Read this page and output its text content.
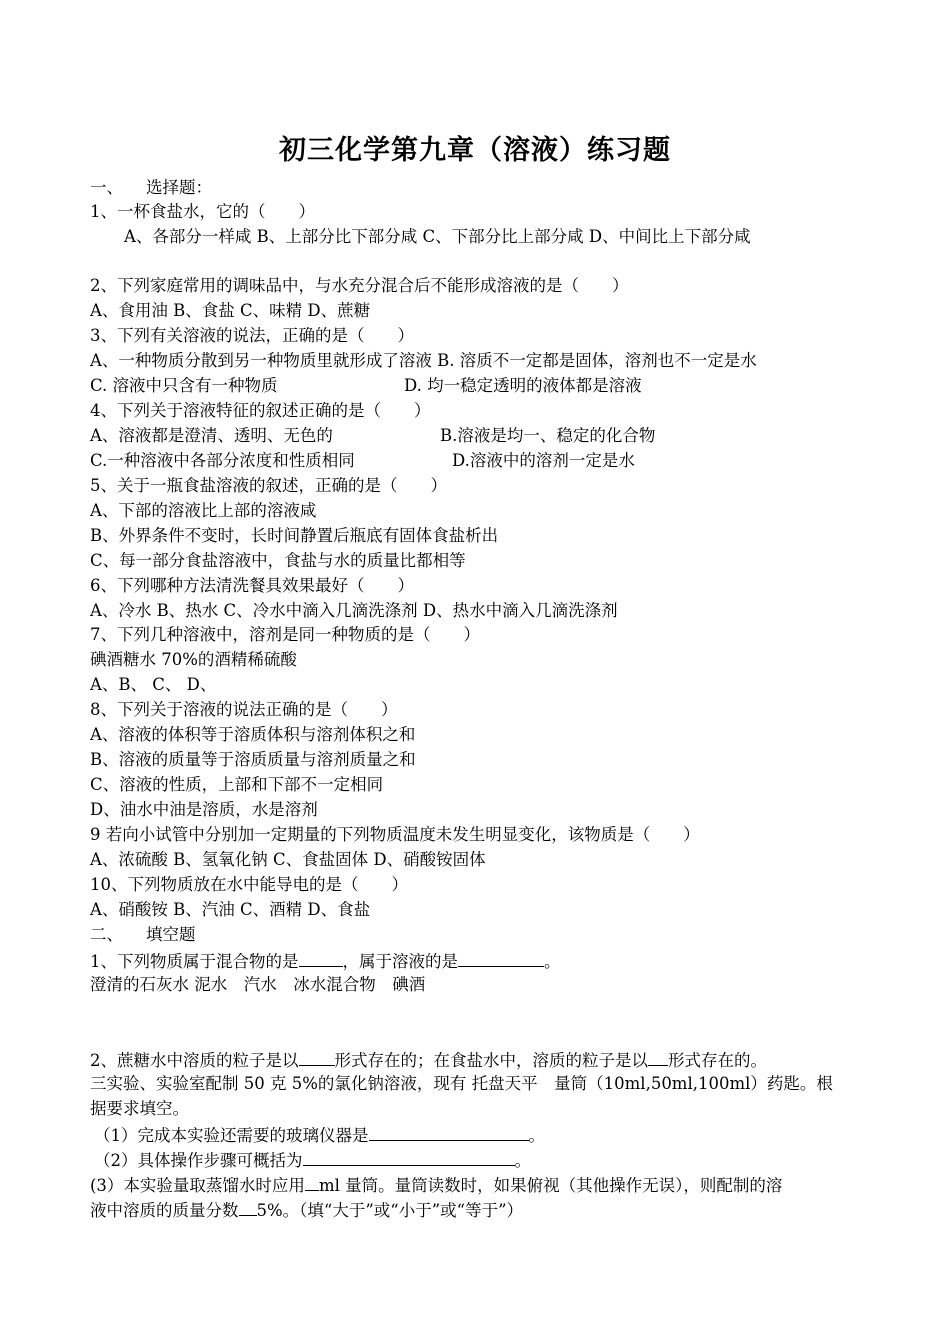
初三化学第九章（溶液）练习题
一、 选择题：
1、一杯食盐水，它的（　　）
A、各部分一样咸 B、上部分比下部分咸 C、下部分比上部分咸 D、中间比上下部分咸
2、下列家庭常用的调味品中，与水充分混合后不能形成溶液的是（　　）
A、食用油 B、食盐 C、味精 D、蔗糖
3、下列有关溶液的说法，正确的是（　　）
A、一种物质分散到另一种物质里就形成了溶液 B. 溶质不一定都是固体，溶剂也不一定是水
C. 溶液中只含有一种物质	D. 均一稳定透明的液体都是溶液
4、下列关于溶液特征的叙述正确的是（　　）
A、溶液都是澄清、透明、无色的	B.溶液是均一、稳定的化合物
C.一种溶液中各部分浓度和性质相同	D.溶液中的溶剂一定是水
5、关于一瓶食盐溶液的叙述，正确的是（　　）
A、下部的溶液比上部的溶液咸
B、外界条件不变时，长时间静置后瓶底有固体食盐析出
C、每一部分食盐溶液中，食盐与水的质量比都相等
6、下列哪种方法清洗餐具效果最好（　　）
A、冷水 B、热水 C、冷水中滴入几滴洗涤剂 D、热水中滴入几滴洗涤剂
7、下列几种溶液中，溶剂是同一种物质的是（　　）
碘酒糖水 70%的酒精稀硫酸
A、B、 C、 D、
8、下列关于溶液的说法正确的是（　　）
A、溶液的体积等于溶质体积与溶剂体积之和
B、溶液的质量等于溶质质量与溶剂质量之和
C、溶液的性质，上部和下部不一定相同
D、油水中油是溶质，水是溶剂
9 若向小试管中分别加一定期量的下列物质温度未发生明显变化，该物质是（　　）
A、浓硫酸 B、氢氧化钠 C、食盐固体 D、硝酸铵固体
10、下列物质放在水中能导电的是（　　）
A、硝酸铵 B、汽油 C、酒精 D、食盐
二、 填空题
1、下列物质属于混合物的是	，属于溶液的是	。
澄清的石灰水 泥水　汽水　冰水混合物　碘酒
2、蔗糖水中溶质的粒子是以 形式存在的；在食盐水中，溶质的粒子是以 形式存在的。
三实验、实验室配制 50 克 5%的氯化钠溶液，现有 托盘天平　量筒（10ml,50ml,100ml）药匙。根
据要求填空。
（1）完成本实验还需要的玻璃仪器是	。
（2）具体操作步骤可概括为	。
(3）本实验量取蒸馏水时应用 ml 量筒。量筒读数时，如果俯视（其他操作无误），则配制的溶
液中溶质的质量分数 5%。（填“大于”或“小于”或“等于”）
